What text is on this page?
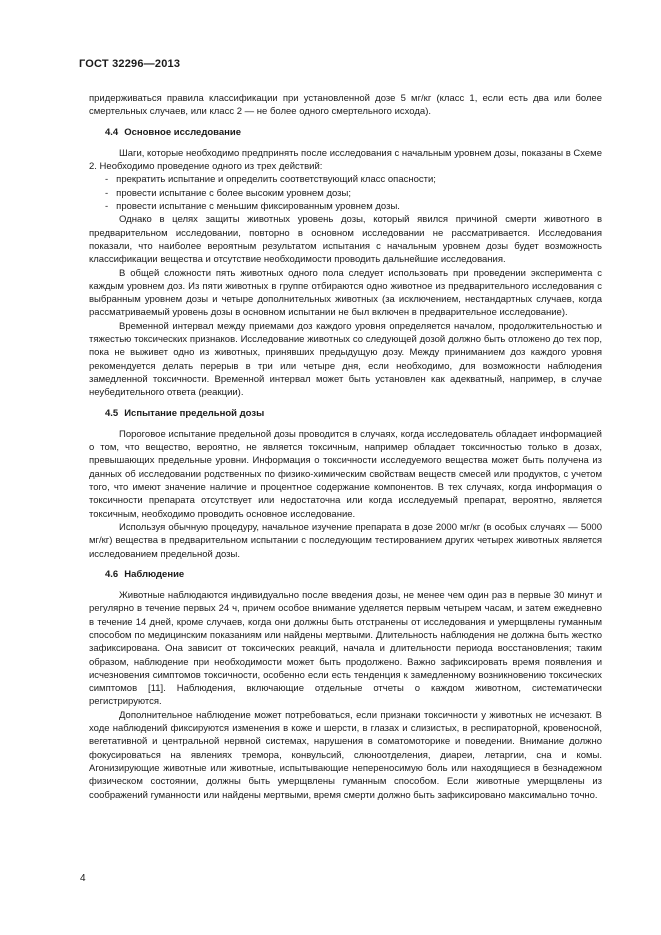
ГОСТ 32296—2013

придерживаться правила классификации при установленной дозе 5 мг/кг (класс 1, если есть два или более смертельных случаев, или класс 2 — не более одного смертельного исхода).

4.4 Основное исследование

Шаги, которые необходимо предпринять после исследования с начальным уровнем дозы, показаны в Схеме 2. Необходимо проведение одного из трех действий:

- прекратить испытание и определить соответствующий класс опасности;
- провести испытание с более высоким уровнем дозы;
- провести испытание с меньшим фиксированным уровнем дозы.

Однако в целях защиты животных уровень дозы, который явился причиной смерти животного в предварительном исследовании, повторно в основном исследовании не рассматривается. Исследования показали, что наиболее вероятным результатом испытания с начальным уровнем дозы будет возможность классификации вещества и отсутствие необходимости проводить дальнейшие исследования.

В общей сложности пять животных одного пола следует использовать при проведении эксперимента с каждым уровнем доз. Из пяти животных в группе отбираются одно животное из предварительного исследования с выбранным уровнем дозы и четыре дополнительных животных (за исключением, нестандартных случаев, когда рассматриваемый уровень дозы в основном испытании не был включен в предварительное исследование).

Временной интервал между приемами доз каждого уровня определяется началом, продолжительностью и тяжестью токсических признаков. Исследование животных со следующей дозой должно быть отложено до тех пор, пока не выживет одно из животных, принявших предыдущую дозу. Между приниманием доз каждого уровня рекомендуется делать перерыв в три или четыре дня, если необходимо, для возможности наблюдения замедленной токсичности. Временной интервал может быть установлен как адекватный, например, в случае неубедительного ответа (реакции).

4.5 Испытание предельной дозы

Пороговое испытание предельной дозы проводится в случаях, когда исследователь обладает информацией о том, что вещество, вероятно, не является токсичным, например обладает токсичностью только в дозах, превышающих предельные уровни. Информация о токсичности исследуемого вещества может быть получена из данных об исследовании родственных по физико-химическим свойствам веществ смесей или продуктов, с учетом того, что имеют значение наличие и процентное содержание компонентов. В тех случаях, когда информация о токсичности препарата отсутствует или недостаточна или когда исследуемый препарат, вероятно, является токсичным, необходимо проводить основное исследование.

Используя обычную процедуру, начальное изучение препарата в дозе 2000 мг/кг (в особых случаях — 5000 мг/кг) вещества в предварительном испытании с последующим тестированием других четырех животных является исследованием предельной дозы.

4.6 Наблюдение

Животные наблюдаются индивидуально после введения дозы, не менее чем один раз в первые 30 минут и регулярно в течение первых 24 ч, причем особое внимание уделяется первым четырем часам, и затем ежедневно в течение 14 дней, кроме случаев, когда они должны быть отстранены от исследования и умерщвлены гуманным способом по медицинским показаниям или найдены мертвыми. Длительность наблюдения не должна быть жестко зафиксирована. Она зависит от токсических реакций, начала и длительности периода восстановления; таким образом, наблюдение при необходимости может быть продолжено. Важно зафиксировать время появления и исчезновения симптомов токсичности, особенно если есть тенденция к замедленному возникновению токсических симптомов [11]. Наблюдения, включающие отдельные отчеты о каждом животном, систематически регистрируются.

Дополнительное наблюдение может потребоваться, если признаки токсичности у животных не исчезают. В ходе наблюдений фиксируются изменения в коже и шерсти, в глазах и слизистых, в респираторной, кровеносной, вегетативной и центральной нервной системах, нарушения в соматомоторике и поведении. Внимание должно фокусироваться на явлениях тремора, конвульсий, слюноотделения, диареи, летаргии, сна и комы. Агонизирующие животные или животные, испытывающие непереносимую боль или находящиеся в безнадежном физическом состоянии, должны быть умерщвлены гуманным способом. Если животные умерщвлены из соображений гуманности или найдены мертвыми, время смерти должно быть зафиксировано максимально точно.

4
